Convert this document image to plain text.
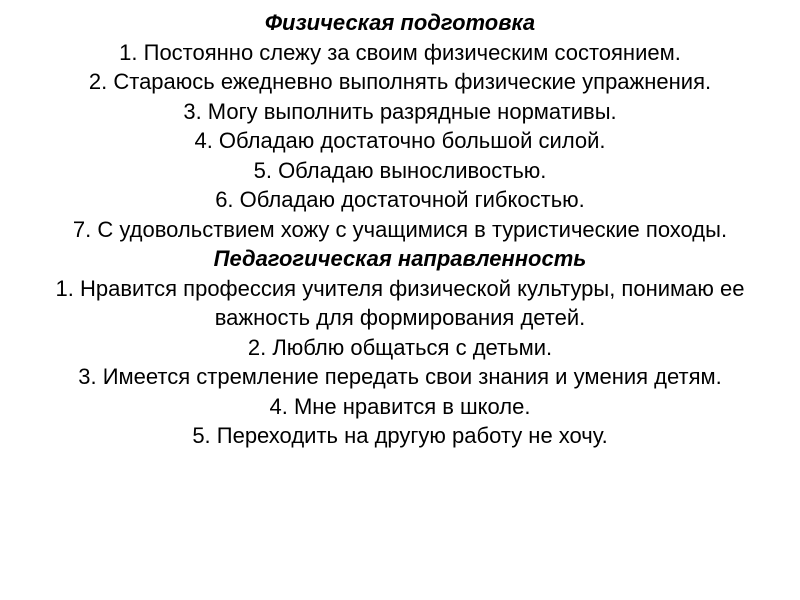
Физическая подготовка

1. Постоянно слежу за своим физическим состоянием.

2. Стараюсь ежедневно выполнять физические упражнения.

3. Могу выполнить разрядные нормативы.

4. Обладаю достаточно большой силой.

5. Обладаю выносливостью.

6. Обладаю достаточной гибкостью.

7. С удовольствием хожу с учащимися в туристические походы.

Педагогическая направленность

1. Нравится профессия учителя физической культуры, понимаю ее важность для формирования детей.

2. Люблю общаться с детьми.

3. Имеется стремление передать свои знания и умения детям.

4. Мне нравится в школе.

5. Переходить на другую работу не хочу.
